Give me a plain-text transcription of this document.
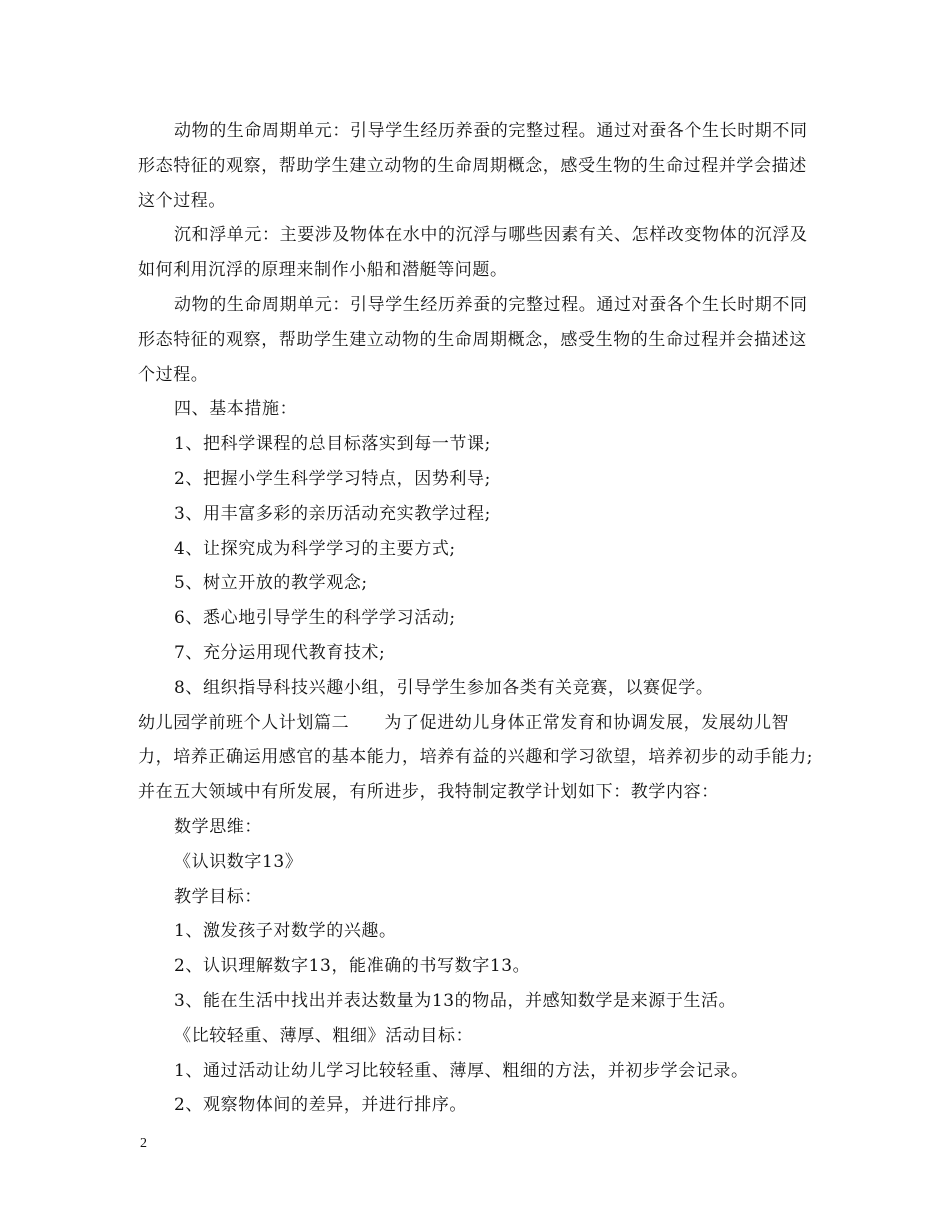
动物的生命周期单元：引导学生经历养蚕的完整过程。通过对蚕各个生长时期不同形态特征的观察，帮助学生建立动物的生命周期概念，感受生物的生命过程并学会描述这个过程。

沉和浮单元：主要涉及物体在水中的沉浮与哪些因素有关、怎样改变物体的沉浮及如何利用沉浮的原理来制作小船和潜艇等问题。

动物的生命周期单元：引导学生经历养蚕的完整过程。通过对蚕各个生长时期不同形态特征的观察，帮助学生建立动物的生命周期概念，感受生物的生命过程并会描述这个过程。

四、基本措施：

1、把科学课程的总目标落实到每一节课;

2、把握小学生科学学习特点，因势利导;

3、用丰富多彩的亲历活动充实教学过程;

4、让探究成为科学学习的主要方式;

5、树立开放的教学观念;

6、悉心地引导学生的科学学习活动;

7、充分运用现代教育技术;

8、组织指导科技兴趣小组，引导学生参加各类有关竞赛，以赛促学。

幼儿园学前班个人计划篇二　　为了促进幼儿身体正常发育和协调发展，发展幼儿智力，培养正确运用感官的基本能力，培养有益的兴趣和学习欲望，培养初步的动手能力;并在五大领域中有所发展，有所进步，我特制定教学计划如下：教学内容：

数学思维：

《认识数字13》

教学目标：

1、激发孩子对数学的兴趣。

2、认识理解数字13，能准确的书写数字13。

3、能在生活中找出并表达数量为13的物品，并感知数学是来源于生活。

《比较轻重、薄厚、粗细》活动目标：

1、通过活动让幼儿学习比较轻重、薄厚、粗细的方法，并初步学会记录。

2、观察物体间的差异，并进行排序。

2
